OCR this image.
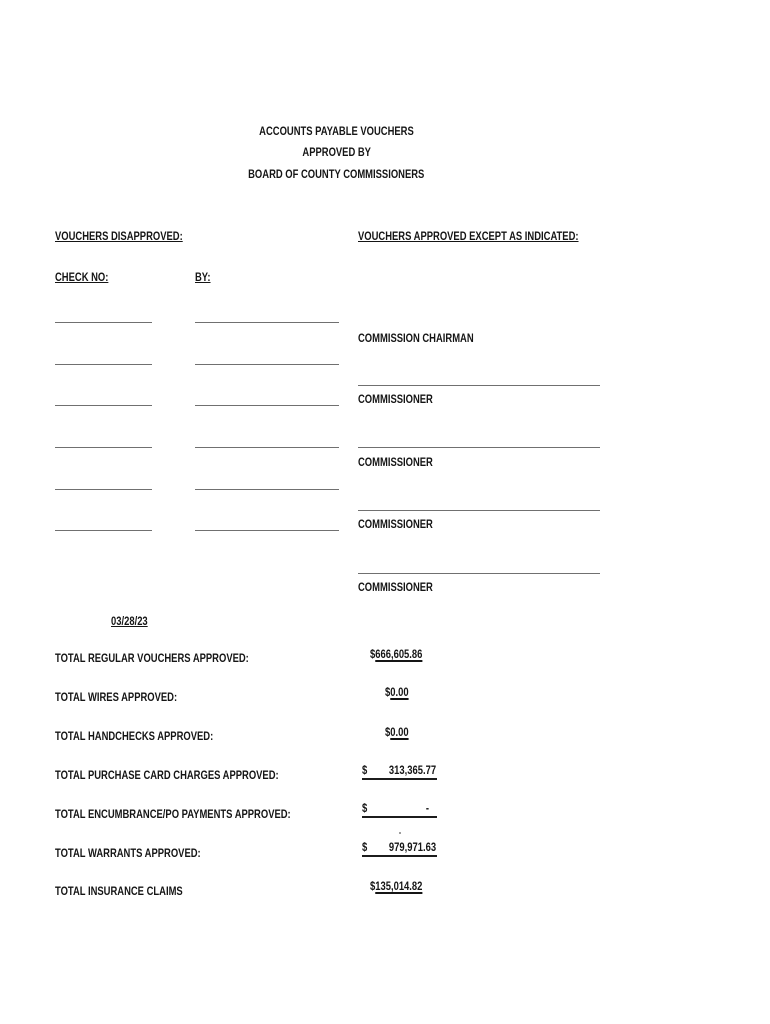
ACCOUNTS PAYABLE VOUCHERS
APPROVED BY
BOARD OF COUNTY COMMISSIONERS
VOUCHERS DISAPPROVED:	VOUCHERS APPROVED EXCEPT AS INDICATED:
CHECK NO:	BY:
COMMISSION CHAIRMAN
COMMISSIONER
COMMISSIONER
COMMISSIONER
COMMISSIONER
03/28/23
TOTAL REGULAR VOUCHERS APPROVED:	$666,605.86
TOTAL WIRES APPROVED:	$0.00
TOTAL HANDCHECKS APPROVED:	$0.00
TOTAL PURCHASE CARD CHARGES APPROVED:	$ 313,365.77
TOTAL ENCUMBRANCE/PO PAYMENTS APPROVED:	$	-
TOTAL WARRANTS APPROVED:	$ 979,971.63
TOTAL INSURANCE CLAIMS	$135,014.82
